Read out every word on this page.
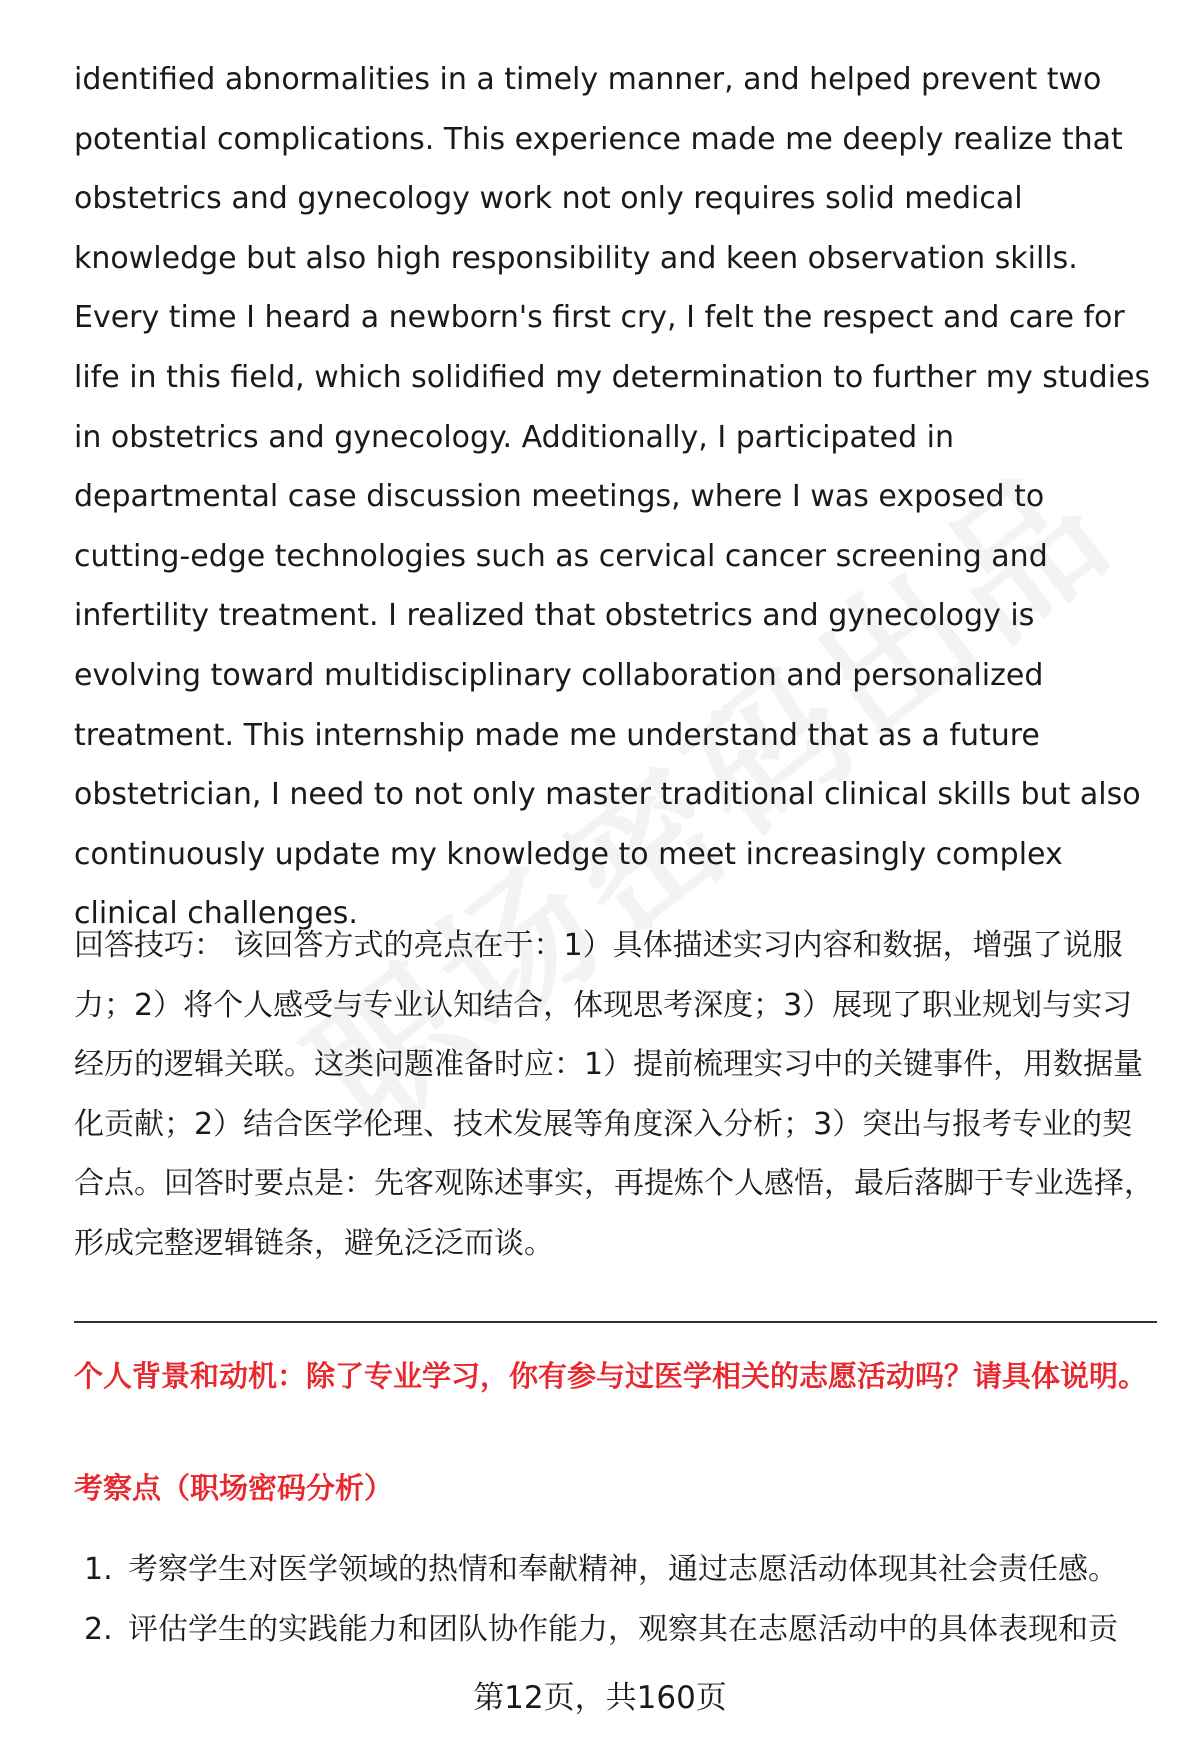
identified abnormalities in a timely manner, and helped prevent two potential complications. This experience made me deeply realize that obstetrics and gynecology work not only requires solid medical knowledge but also high responsibility and keen observation skills. Every time I heard a newborn's first cry, I felt the respect and care for life in this field, which solidified my determination to further my studies in obstetrics and gynecology. Additionally, I participated in departmental case discussion meetings, where I was exposed to cutting-edge technologies such as cervical cancer screening and infertility treatment. I realized that obstetrics and gynecology is evolving toward multidisciplinary collaboration and personalized treatment. This internship made me understand that as a future obstetrician, I need to not only master traditional clinical skills but also continuously update my knowledge to meet increasingly complex clinical challenges.

回答技巧： 该回答方式的亮点在于：1）具体描述实习内容和数据，增强了说服力；2）将个人感受与专业认知结合，体现思考深度；3）展现了职业规划与实习经历的逻辑关联。这类问题准备时应：1）提前梳理实习中的关键事件，用数据量化贡献；2）结合医学伦理、技术发展等角度深入分析；3）突出与报考专业的契合点。回答时要点是：先客观陈述事实，再提炼个人感悟，最后落脚于专业选择，形成完整逻辑链条，避免泛泛而谈。

个人背景和动机：除了专业学习，你有参与过医学相关的志愿活动吗？请具体说明。

考察点（职场密码分析）

1. 考察学生对医学领域的热情和奉献精神，通过志愿活动体现其社会责任感。
2. 评估学生的实践能力和团队协作能力，观察其在志愿活动中的具体表现和贡
第12页，共160页
